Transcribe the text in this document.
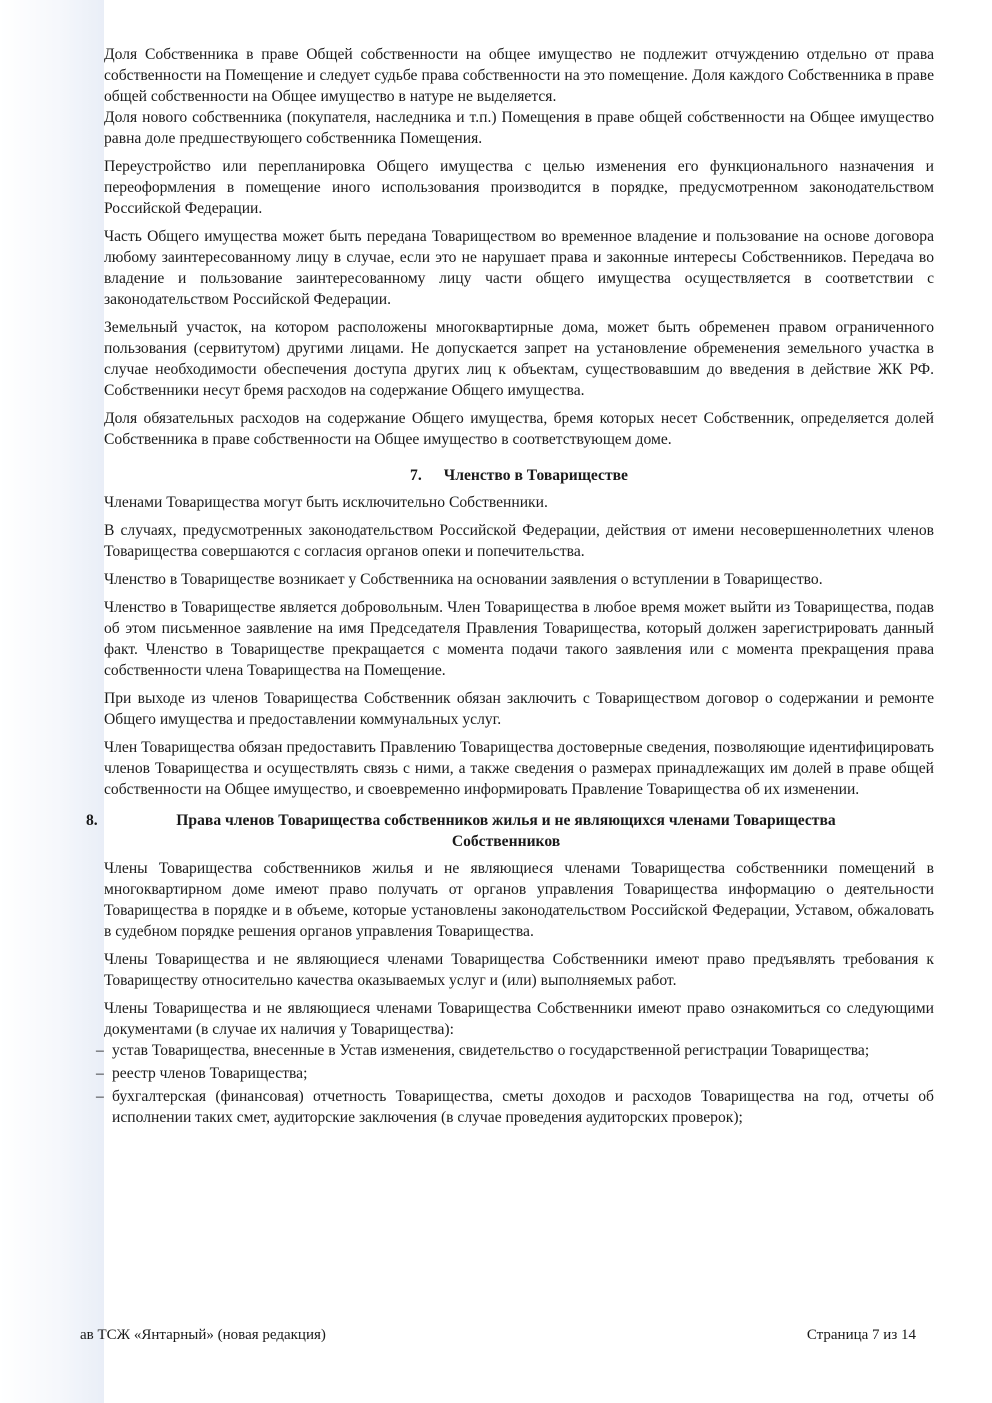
Доля Собственника в праве Общей собственности на общее имущество не подлежит отчуждению отдельно от права собственности на Помещение и следует судьбе права собственности на это помещение. Доля каждого Собственника в праве общей собственности на Общее имущество в натуре не выделяется.

Доля нового собственника (покупателя, наследника и т.п.) Помещения в праве общей собственности на Общее имущество равна доле предшествующего собственника Помещения.

Переустройство или перепланировка Общего имущества с целью изменения его функционального назначения и переоформления в помещение иного использования производится в порядке, предусмотренном законодательством Российской Федерации.

Часть Общего имущества может быть передана Товариществом во временное владение и пользование на основе договора любому заинтересованному лицу в случае, если это не нарушает права и законные интересы Собственников. Передача во владение и пользование заинтересованному лицу части общего имущества осуществляется в соответствии с законодательством Российской Федерации.

Земельный участок, на котором расположены многоквартирные дома, может быть обременен правом ограниченного пользования (сервитутом) другими лицами. Не допускается запрет на установление обременения земельного участка в случае необходимости обеспечения доступа других лиц к объектам, существовавшим до введения в действие ЖК РФ. Собственники несут бремя расходов на содержание Общего имущества.

Доля обязательных расходов на содержание Общего имущества, бремя которых несет Собственник, определяется долей Собственника в праве собственности на Общее имущество в соответствующем доме.

7. Членство в Товариществе

Членами Товарищества могут быть исключительно Собственники.

В случаях, предусмотренных законодательством Российской Федерации, действия от имени несовершеннолетних членов Товарищества совершаются с согласия органов опеки и попечительства.

Членство в Товариществе возникает у Собственника на основании заявления о вступлении в Товарищество.

Членство в Товариществе является добровольным. Член Товарищества в любое время может выйти из Товарищества, подав об этом письменное заявление на имя Председателя Правления Товарищества, который должен зарегистрировать данный факт. Членство в Товариществе прекращается с момента подачи такого заявления или с момента прекращения права собственности члена Товарищества на Помещение.

При выходе из членов Товарищества Собственник обязан заключить с Товариществом договор о содержании и ремонте Общего имущества и предоставлении коммунальных услуг.

Член Товарищества обязан предоставить Правлению Товарищества достоверные сведения, позволяющие идентифицировать членов Товарищества и осуществлять связь с ними, а также сведения о размерах принадлежащих им долей в праве общей собственности на Общее имущество, и своевременно информировать Правление Товарищества об их изменении.

8.	Права членов Товарищества собственников жилья и не являющихся членами Товарищества
Собственников

Члены Товарищества собственников жилья и не являющиеся членами Товарищества собственники помещений в многоквартирном доме имеют право получать от органов управления Товарищества информацию о деятельности Товарищества в порядке и в объеме, которые установлены законодательством Российской Федерации, Уставом, обжаловать в судебном порядке решения органов управления Товарищества.

Члены Товарищества и не являющиеся членами Товарищества Собственники имеют право предъявлять требования к Товариществу относительно качества оказываемых услуг и (или) выполняемых работ.

Члены Товарищества и не являющиеся членами Товарищества Собственники имеют право ознакомиться со следующими документами (в случае их наличия у Товарищества):

– устав Товарищества, внесенные в Устав изменения, свидетельство о государственной регистрации Товарищества;
– реестр членов Товарищества;
– бухгалтерская (финансовая) отчетность Товарищества, сметы доходов и расходов Товарищества на год, отчеты об исполнении таких смет, аудиторские заключения (в случае проведения аудиторских проверок);
ав ТСЖ «Янтарный» (новая редакция)	Страница 7 из 14
